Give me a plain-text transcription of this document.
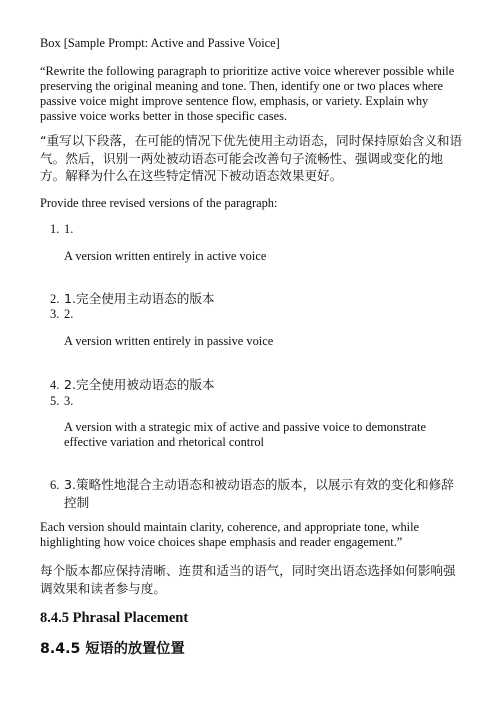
Box [Sample Prompt: Active and Passive Voice]

“Rewrite the following paragraph to prioritize active voice wherever possible while preserving the original meaning and tone. Then, identify one or two places where passive voice might improve sentence flow, emphasis, or variety. Explain why passive voice works better in those specific cases.

“重写以下段落，在可能的情况下优先使用主动语态，同时保持原始含义和语气。然后，识别一两处被动语态可能会改善句子流畅性、强调或变化的地方。解释为什么在这些特定情况下被动语态效果更好。

Provide three revised versions of the paragraph:

1. 1.

A version written entirely in active voice

2. 1.完全使用主动语态的版本

3. 2.

A version written entirely in passive voice

4. 2.完全使用被动语态的版本

5. 3.

A version with a strategic mix of active and passive voice to demonstrate effective variation and rhetorical control

6. 3.策略性地混合主动语态和被动语态的版本，以展示有效的变化和修辞控制

Each version should maintain clarity, coherence, and appropriate tone, while highlighting how voice choices shape emphasis and reader engagement.”

每个版本都应保持清晰、连贯和适当的语气，同时突出语态选择如何影响强调效果和读者参与度。

8.4.5 Phrasal Placement
8.4.5 短语的放置位置
